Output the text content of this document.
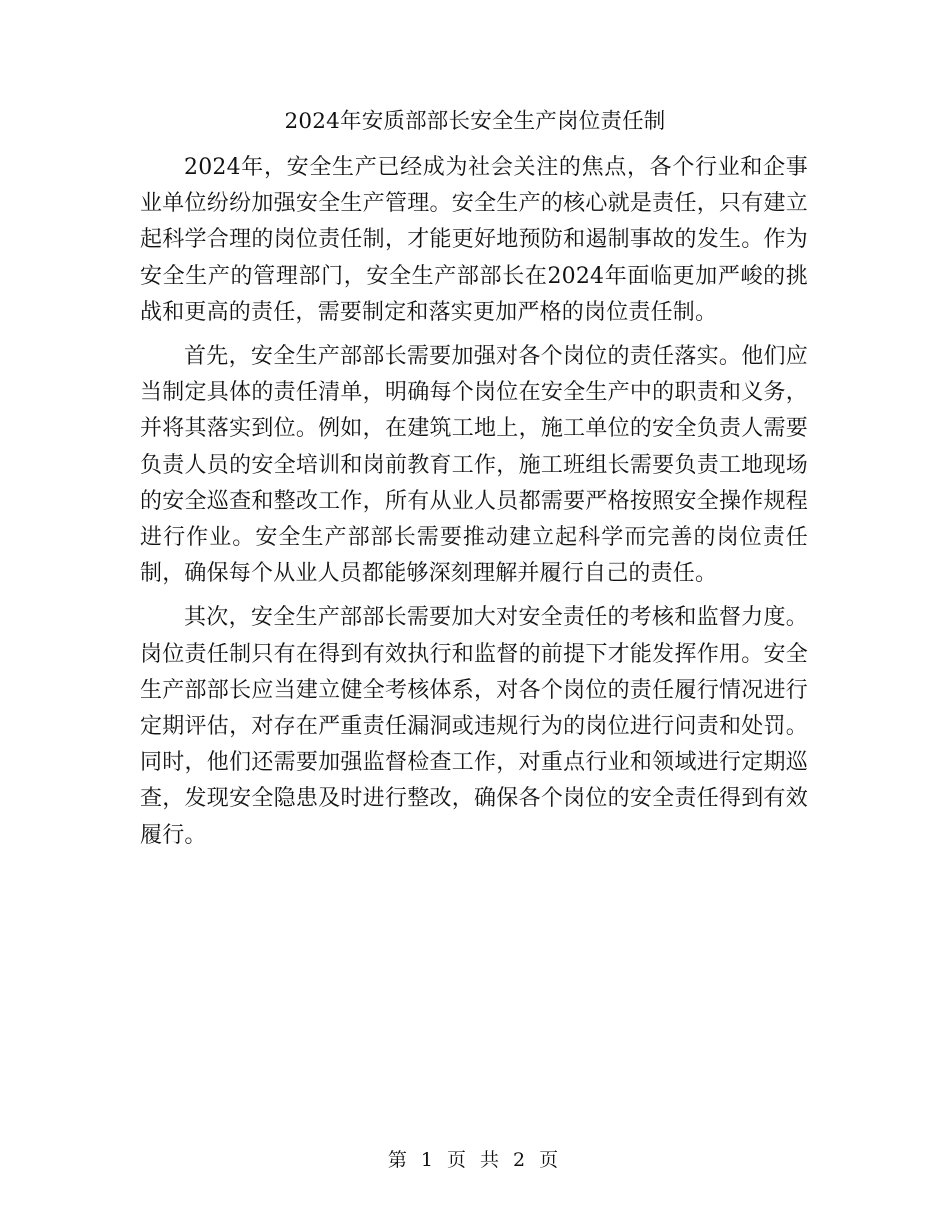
2024年安质部部长安全生产岗位责任制

2024年，安全生产已经成为社会关注的焦点，各个行业和企事业单位纷纷加强安全生产管理。安全生产的核心就是责任，只有建立起科学合理的岗位责任制，才能更好地预防和遏制事故的发生。作为安全生产的管理部门，安全生产部部长在2024年面临更加严峻的挑战和更高的责任，需要制定和落实更加严格的岗位责任制。

首先，安全生产部部长需要加强对各个岗位的责任落实。他们应当制定具体的责任清单，明确每个岗位在安全生产中的职责和义务，并将其落实到位。例如，在建筑工地上，施工单位的安全负责人需要负责人员的安全培训和岗前教育工作，施工班组长需要负责工地现场的安全巡查和整改工作，所有从业人员都需要严格按照安全操作规程进行作业。安全生产部部长需要推动建立起科学而完善的岗位责任制，确保每个从业人员都能够深刻理解并履行自己的责任。

其次，安全生产部部长需要加大对安全责任的考核和监督力度。岗位责任制只有在得到有效执行和监督的前提下才能发挥作用。安全生产部部长应当建立健全考核体系，对各个岗位的责任履行情况进行定期评估，对存在严重责任漏洞或违规行为的岗位进行问责和处罚。同时，他们还需要加强监督检查工作，对重点行业和领域进行定期巡查，发现安全隐患及时进行整改，确保各个岗位的安全责任得到有效履行。

第 1 页 共 2 页
